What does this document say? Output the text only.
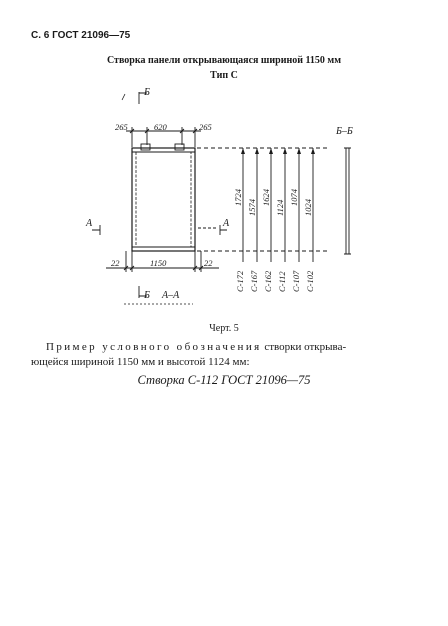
С. 6 ГОСТ 21096—75
Створка панели открывающаяся шириной 1150 мм
Тип С
Б
Б–Б
А	А
Б А–А
265	620	265
22	1150	22
1724
1574
1624
1124
1074
1024
С-172 С-167 С-162 С-112 С-107 С-102
Черт. 5
Пример условного обозначения створки открыва-
ющейся шириной 1150 мм и высотой 1124 мм:
Створка С-112 ГОСТ 21096—75
